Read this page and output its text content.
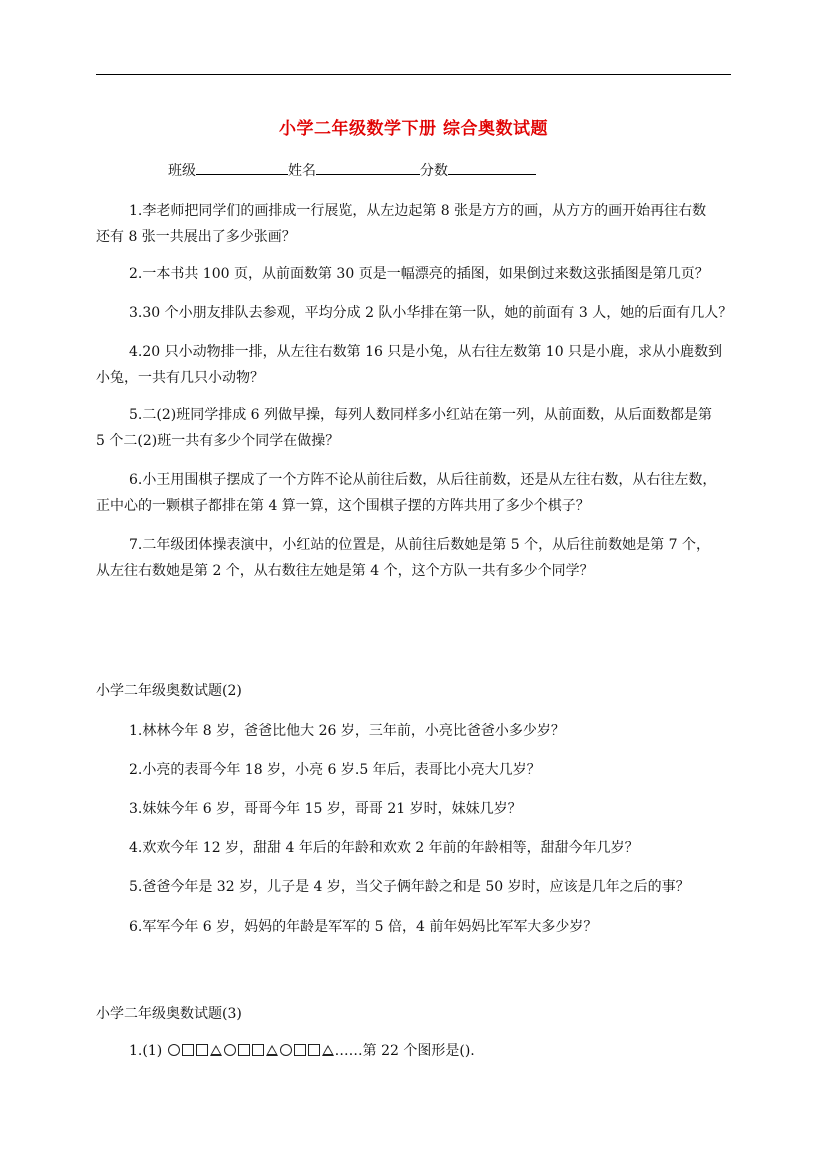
小学二年级数学下册 综合奥数试题
班级	姓名	分数
1.李老师把同学们的画排成一行展览，从左边起第 8 张是方方的画，从方方的画开始再往右数
还有 8 张一共展出了多少张画？
2.一本书共 100 页，从前面数第 30 页是一幅漂亮的插图，如果倒过来数这张插图是第几页？
3.30 个小朋友排队去参观，平均分成 2 队小华排在第一队，她的前面有 3 人，她的后面有几人？
4.20 只小动物排一排，从左往右数第 16 只是小兔，从右往左数第 10 只是小鹿，求从小鹿数到
小兔，一共有几只小动物？
5.二(2)班同学排成 6 列做早操，每列人数同样多小红站在第一列，从前面数，从后面数都是第
5 个二(2)班一共有多少个同学在做操？
6.小王用围棋子摆成了一个方阵不论从前往后数，从后往前数，还是从左往右数，从右往左数，
正中心的一颗棋子都排在第 4 算一算，这个围棋子摆的方阵共用了多少个棋子？
7.二年级团体操表演中，小红站的位置是，从前往后数她是第 5 个，从后往前数她是第 7 个，
从左往右数她是第 2 个，从右数往左她是第 4 个，这个方队一共有多少个同学？
小学二年级奥数试题(2)
1.林林今年 8 岁，爸爸比他大 26 岁，三年前，小亮比爸爸小多少岁？
2.小亮的表哥今年 18 岁，小亮 6 岁.5 年后，表哥比小亮大几岁？
3.妹妹今年 6 岁，哥哥今年 15 岁，哥哥 21 岁时，妹妹几岁？
4.欢欢今年 12 岁，甜甜 4 年后的年龄和欢欢 2 年前的年龄相等，甜甜今年几岁？
5.爸爸今年是 32 岁，儿子是 4 岁，当父子俩年龄之和是 50 岁时，应该是几年之后的事？
6.军军今年 6 岁，妈妈的年龄是军军的 5 倍，4 前年妈妈比军军大多少岁？
小学二年级奥数试题(3)
1.(1)	……第 22 个图形是().
